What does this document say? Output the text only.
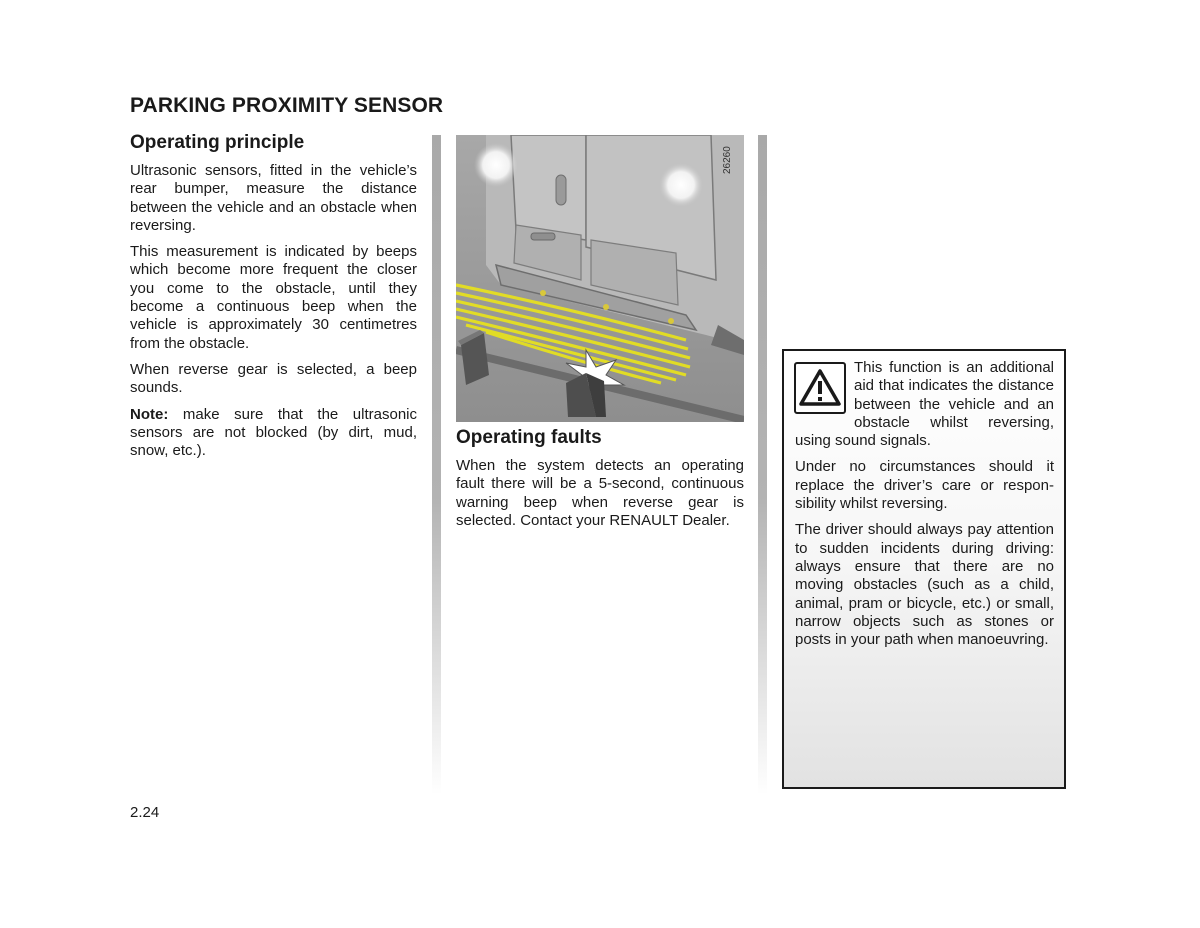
PARKING PROXIMITY SENSOR
Operating principle

Ultrasonic sensors, fitted in the vehicle’s rear bumper, measure the distance between the vehicle and an obstacle when reversing.

This measurement is indicated by beeps which become more frequent the closer you come to the obstacle, until they become a continuous beep when the vehicle is approximately 30 centimetres from the obstacle.

When reverse gear is selected, a beep sounds.

Note: make sure that the ultrasonic sensors are not blocked (by dirt, mud, snow, etc.).

26260
Operating faults

When the system detects an operating fault there will be a 5-second, continuous warning beep when reverse gear is selected. Contact your RENAULT Dealer.

This function is an additional aid that indicates the distance between the vehicle and an obstacle whilst reversing, using sound signals.

Under no circumstances should it replace the driver’s care or responsibility whilst reversing.

The driver should always pay attention to sudden incidents during driving: always ensure that there are no moving obstacles (such as a child, animal, pram or bicycle, etc.) or small, narrow objects such as stones or posts in your path when manoeuvring.

2.24
